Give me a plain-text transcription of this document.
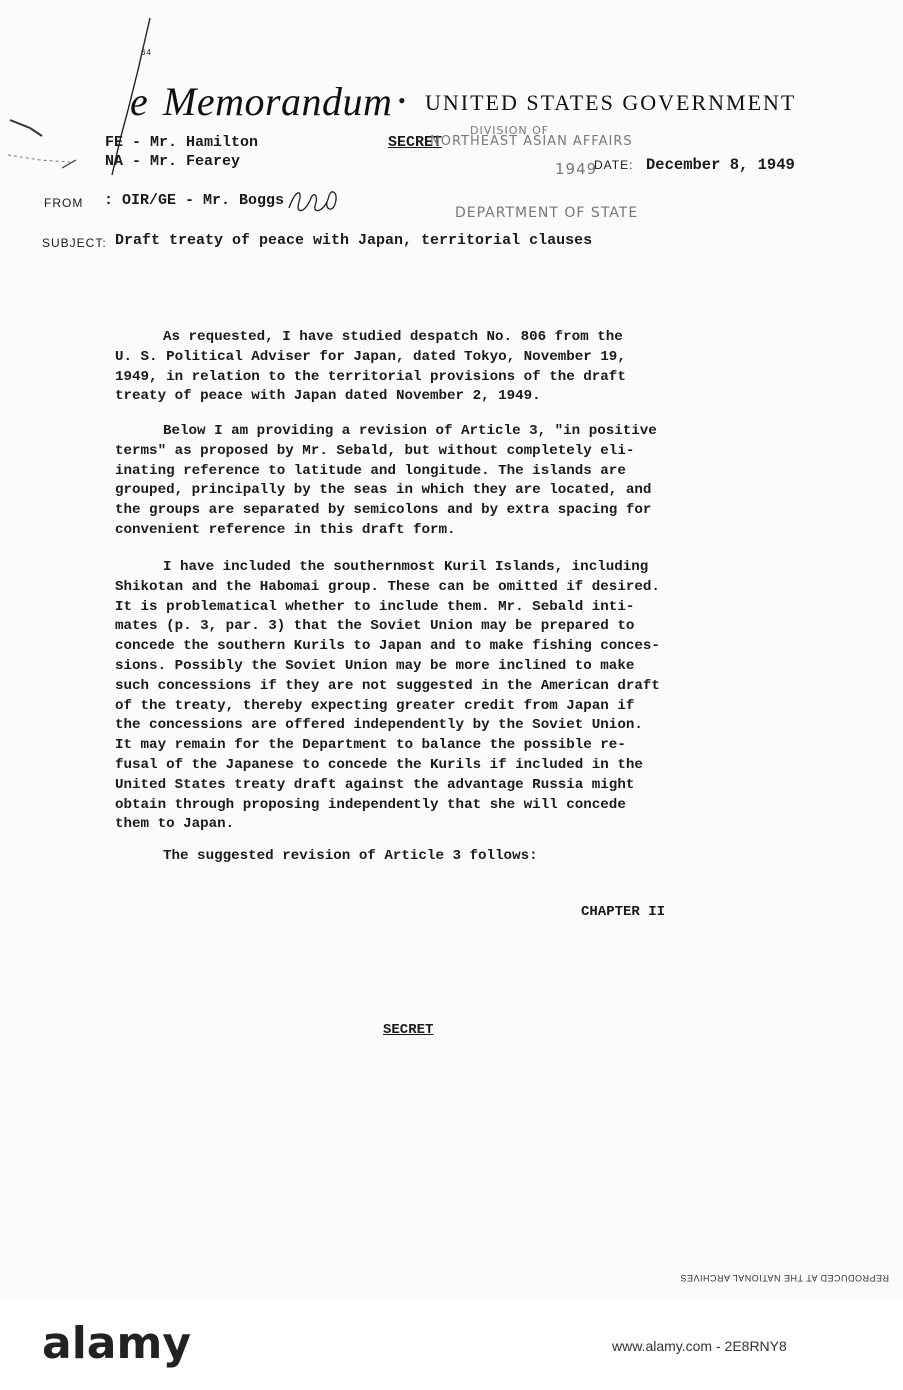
64
e Memorandum • UNITED STATES GOVERNMENT
FE - Mr. Hamilton
NA - Mr. Fearey
SECRET
DATE: December 8, 1949
FROM : OIR/GE - Mr. Boggs
SUBJECT: Draft treaty of peace with Japan, territorial clauses
DIVISION OF
NORTHEAST ASIAN AFFAIRS
1949
DEPARTMENT OF STATE
As requested, I have studied despatch No. 806 from the
U. S. Political Adviser for Japan, dated Tokyo, November 19,
1949, in relation to the territorial provisions of the draft
treaty of peace with Japan dated November 2, 1949.
Below I am providing a revision of Article 3, "in positive
terms" as proposed by Mr. Sebald, but without completely eli-
inating reference to latitude and longitude. The islands are
grouped, principally by the seas in which they are located, and
the groups are separated by semicolons and by extra spacing for
convenient reference in this draft form.
I have included the southernmost Kuril Islands, including
Shikotan and the Habomai group. These can be omitted if desired.
It is problematical whether to include them. Mr. Sebald inti-
mates (p. 3, par. 3) that the Soviet Union may be prepared to
concede the southern Kurils to Japan and to make fishing conces-
sions. Possibly the Soviet Union may be more inclined to make
such concessions if they are not suggested in the American draft
of the treaty, thereby expecting greater credit from Japan if
the concessions are offered independently by the Soviet Union.
It may remain for the Department to balance the possible re-
fusal of the Japanese to concede the Kurils if included in the
United States treaty draft against the advantage Russia might
obtain through proposing independently that she will concede
them to Japan.
The suggested revision of Article 3 follows:
CHAPTER II
SECRET
REPRODUCED AT THE NATIONAL ARCHIVES
alamy	www.alamy.com - 2E8RNY8
